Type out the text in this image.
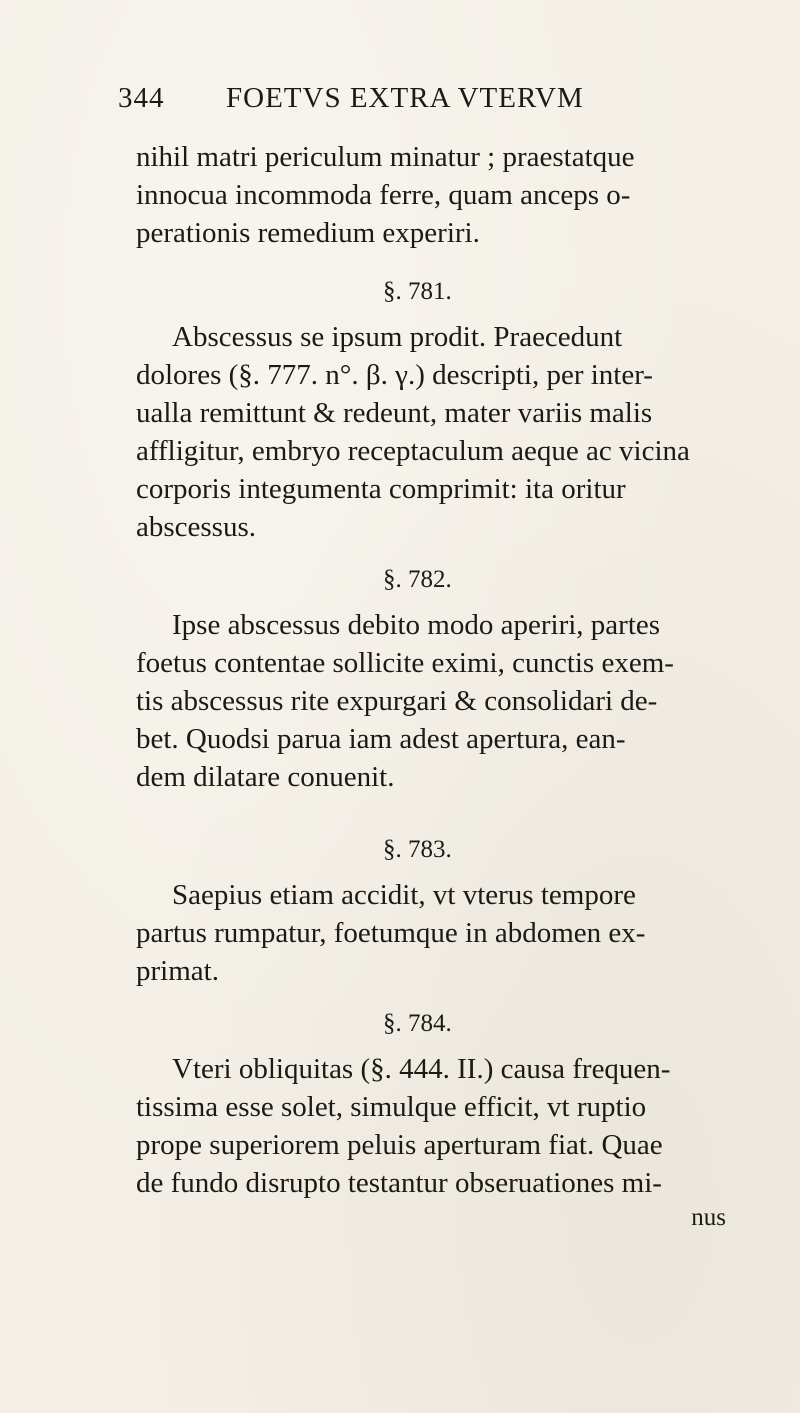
344 FOETVS EXTRA VTERVM
nihil matri periculum minatur ; praestatque
innocua incommoda ferre, quam anceps o-
perationis remedium experiri.
§. 781.
Abscessus se ipsum prodit. Praecedunt
dolores (§. 777. n°. β. γ.) descripti, per inter-
ualla remittunt & redeunt, mater variis malis
affligitur, embryo receptaculum aeque ac vicina
corporis integumenta comprimit: ita oritur
abscessus.
§. 782.
Ipse abscessus debito modo aperiri, partes
foetus contentae sollicite eximi, cunctis exem-
tis abscessus rite expurgari & consolidari de-
bet. Quodsi parua iam adest apertura, ean-
dem dilatare conuenit.
§. 783.
Saepius etiam accidit, vt vterus tempore
partus rumpatur, foetumque in abdomen ex-
primat.
§. 784.
Vteri obliquitas (§. 444. II.) causa frequen-
tissima esse solet, simulque efficit, vt ruptio
prope superiorem peluis aperturam fiat. Quae
de fundo disrupto testantur obseruationes mi-
nus
